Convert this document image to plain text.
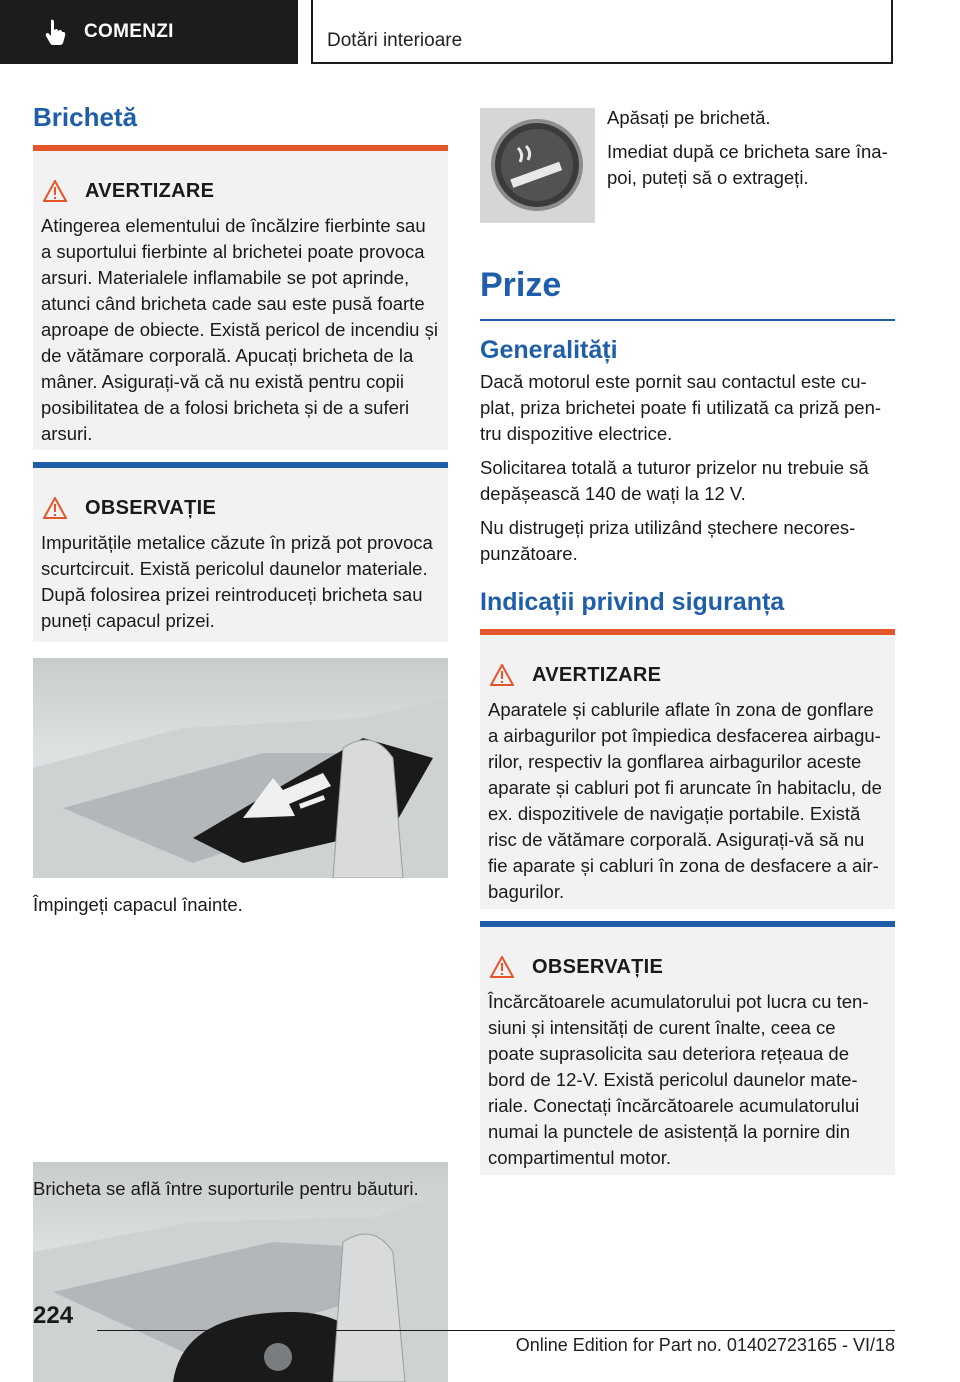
COMENZI	Dotări interioare
Brichetă
AVERTIZARE

Atingerea elementului de încălzire fierbinte sau a suportului fierbinte al brichetei poate provoca arsuri. Materialele inflamabile se pot aprinde, atunci când bricheta cade sau este pusă foarte aproape de obiecte. Există pericol de incendiu și de vătămare corporală. Apucați bricheta de la mâner. Asigurați-vă că nu există pentru copii posibilitatea de a folosi bricheta și de a suferi arsuri.

OBSERVAȚIE

Impuritățile metalice căzute în priză pot provoca scurtcircuit. Există pericolul daunelor materiale. După folosirea prizei reintroduceți bricheta sau puneți capacul prizei.

Împingeți capacul înainte.

Bricheta se află între suporturile pentru băuturi.

Apăsați pe brichetă.

Imediat după ce bricheta sare îna-poi, puteți să o extrageți.

Prize
Generalități

Dacă motorul este pornit sau contactul este cu-plat, priza brichetei poate fi utilizată ca priză pen-tru dispozitive electrice.

Solicitarea totală a tuturor prizelor nu trebuie să depășească 140 de wați la 12 V.

Nu distrugeți priza utilizând ștechere necores-punzătoare.

Indicații privind siguranța
AVERTIZARE

Aparatele și cablurile aflate în zona de gonflare a airbagurilor pot împiedica desfacerea airbagu-rilor, respectiv la gonflarea airbagurilor aceste aparate și cabluri pot fi aruncate în habitaclu, de ex. dispozitivele de navigație portabile. Există risc de vătămare corporală. Asigurați-vă să nu fie aparate și cabluri în zona de desfacere a air-bagurilor.

OBSERVAȚIE

Încărcătoarele acumulatorului pot lucra cu ten-siuni și intensități de curent înalte, ceea ce poate suprasolicita sau deteriora rețeaua de bord de 12-V. Există pericolul daunelor mate-riale. Conectați încărcătoarele acumulatorului numai la punctele de asistență la pornire din compartimentul motor.

224
Online Edition for Part no. 01402723165 - VI/18
